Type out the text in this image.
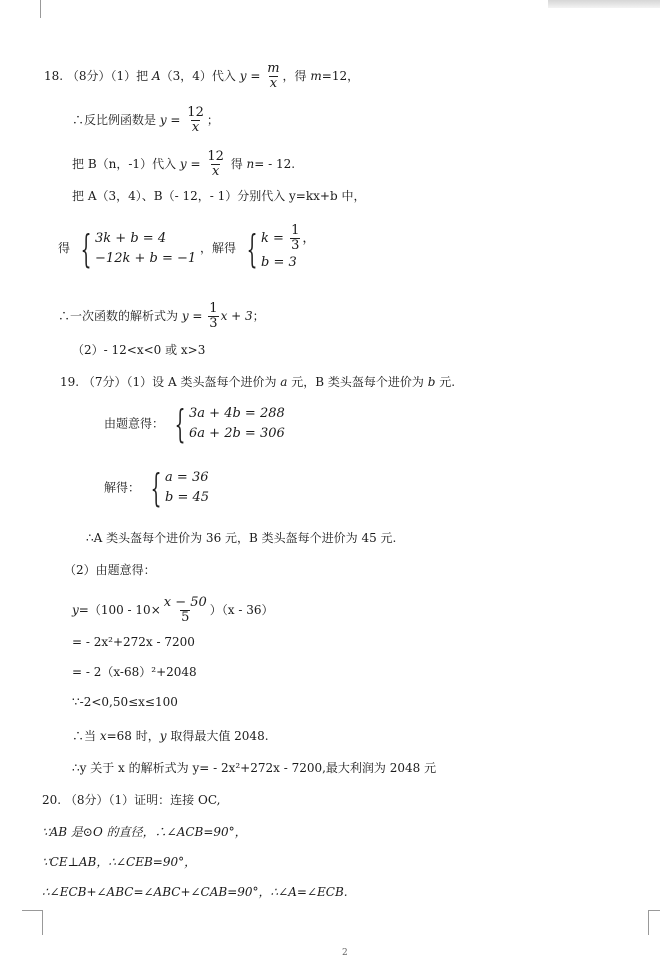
18. （8分）（1）把 A（3，4）代入 $y = \frac{m}{x}$ ，得 m=12，
∴反比例函数是 $y = \frac{12}{x}$ ；
把 B（n，-1）代入 $y = \frac{12}{x}$ 得 n= - 12.
把 A（3，4）、B（- 12，- 1）分别代入 y=kx+b 中，
得 { 3k + b = 4
−12k + b = −1
，解得 { $k = \frac{1}{3}$ ，
b = 3
∴一次函数的解析式为 $y = \frac{1}{3}$ x + 3；
（2）- 12<x<0 或 x>3
19. （7分）（1）设 A 类头盔每个进价为 a 元，B 类头盔每个进价为 b 元.
由题意得： { 3a + 4b = 288
6a + 2b = 306
解得： { a = 36
b = 45
∴A 类头盔每个进价为 36 元，B 类头盔每个进价为 45 元.
（2）由题意得：
$y=(100 - 10\times \frac{x - 50}{5} )(x - 36)$
= - 2x²+272x - 7200
= - 2（x-68）²+2048
∵-2<0,50≤x≤100
∴当 x=68 时，y 取得最大值 2048.
∴y 关于 x 的解析式为 y= - 2x²+272x - 7200,最大利润为 2048 元
20. （8分）（1）证明：连接 OC,
∵AB 是⊙O 的直径，∴∠ACB=90°，
∵CE⊥AB，∴∠CEB=90°，
∴∠ECB+∠ABC=∠ABC+∠CAB=90°，∴∠A=∠ECB.
2
